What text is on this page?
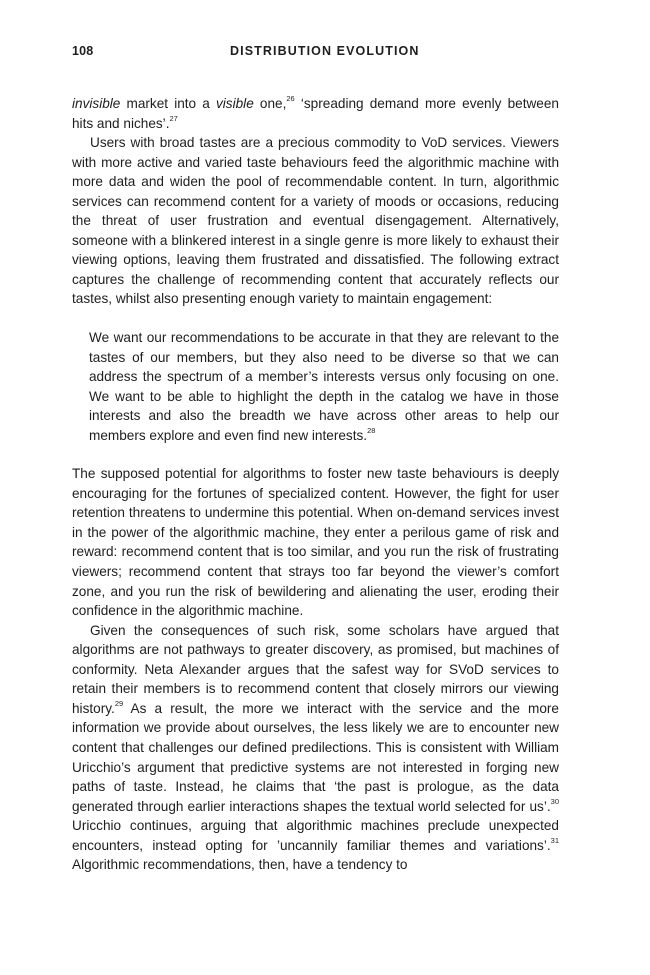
108	DISTRIBUTION EVOLUTION

invisible market into a visible one,$^{26}$ ‘spreading demand more evenly between hits and niches’.$^{27}$

Users with broad tastes are a precious commodity to VoD services. Viewers with more active and varied taste behaviours feed the algorithmic machine with more data and widen the pool of recommendable content. In turn, algorithmic services can recommend content for a variety of moods or occasions, reducing the threat of user frustration and eventual disengagement. Alternatively, someone with a blinkered interest in a single genre is more likely to exhaust their viewing options, leaving them frustrated and dissatisfied. The following extract captures the challenge of recommending content that accurately reflects our tastes, whilst also presenting enough variety to maintain engagement:

We want our recommendations to be accurate in that they are relevant to the tastes of our members, but they also need to be diverse so that we can address the spectrum of a member’s interests versus only focusing on one. We want to be able to highlight the depth in the catalog we have in those interests and also the breadth we have across other areas to help our members explore and even find new interests.$^{28}$

The supposed potential for algorithms to foster new taste behaviours is deeply encouraging for the fortunes of specialized content. However, the fight for user retention threatens to undermine this potential. When on-demand services invest in the power of the algorithmic machine, they enter a perilous game of risk and reward: recommend content that is too similar, and you run the risk of frustrating viewers; recommend content that strays too far beyond the viewer’s comfort zone, and you run the risk of bewildering and alienating the user, eroding their confidence in the algorithmic machine.

Given the consequences of such risk, some scholars have argued that algorithms are not pathways to greater discovery, as promised, but machines of conformity. Neta Alexander argues that the safest way for SVoD services to retain their members is to recommend content that closely mirrors our viewing history.$^{29}$ As a result, the more we interact with the service and the more information we provide about ourselves, the less likely we are to encounter new content that challenges our defined predilections. This is consistent with William Uricchio’s argument that predictive systems are not interested in forging new paths of taste. Instead, he claims that ‘the past is prologue, as the data generated through earlier interactions shapes the textual world selected for us’.$^{30}$ Uricchio continues, arguing that algorithmic machines preclude unexpected encounters, instead opting for ’uncannily familiar themes and variations’.$^{31}$ Algorithmic recommendations, then, have a tendency to
